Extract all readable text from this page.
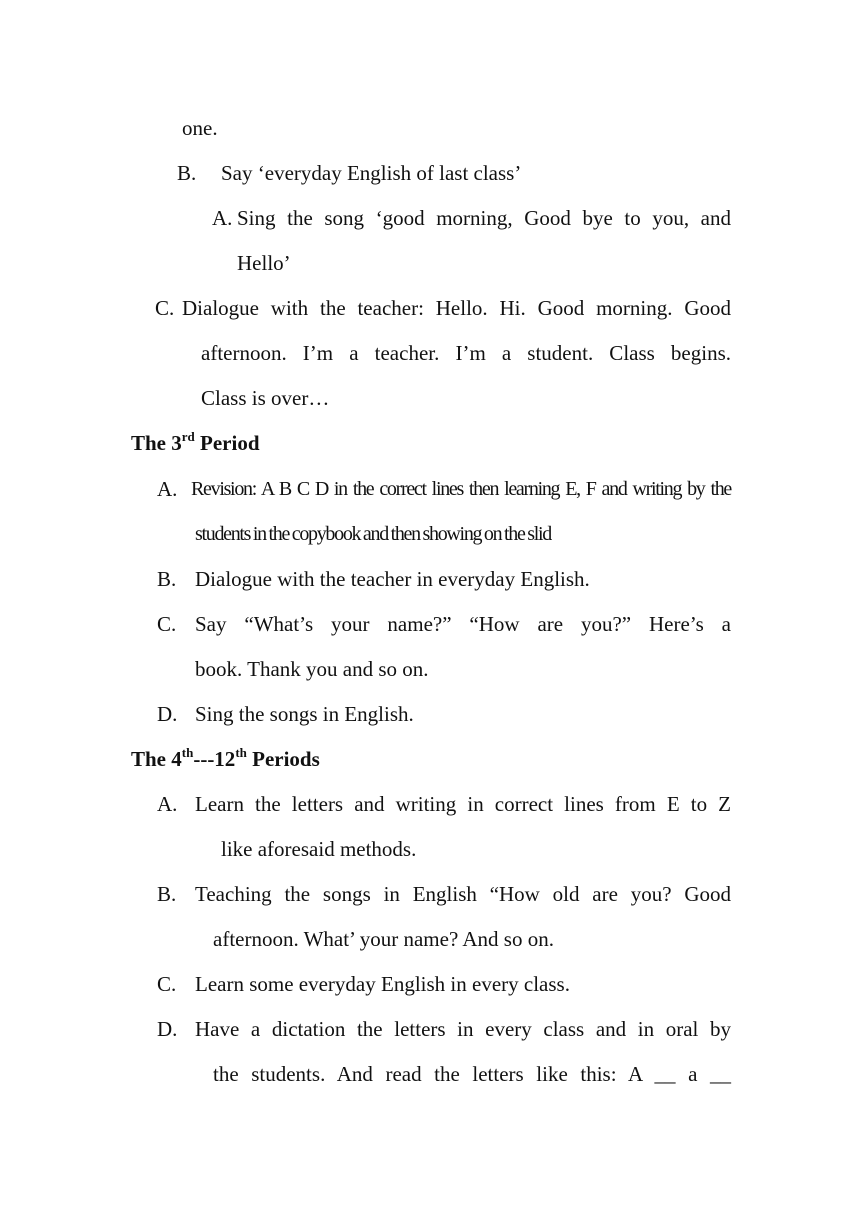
one.
B. Say ‘everyday English of last class’
A. Sing the song ‘good morning, Good bye to you, and
Hello’
C. Dialogue with the teacher: Hello. Hi. Good morning. Good
afternoon. I’m a teacher. I’m a student. Class begins.
Class is over…
The 3rd Period
A. Revision: A B C D in the correct lines then learning E, F and writing by the
students in the copybook and then showing on the slid
B. Dialogue with the teacher in everyday English.
C. Say “What’s your name?” “How are you?” Here’s a
book. Thank you and so on.
D. Sing the songs in English.
The 4th---12th Periods
A. Learn the letters and writing in correct lines from E to Z
like aforesaid methods.
B. Teaching the songs in English “How old are you? Good
afternoon. What’ your name? And so on.
C. Learn some everyday English in every class.
D. Have a dictation the letters in every class and in oral by
the students. And read the letters like this: A __ a __
